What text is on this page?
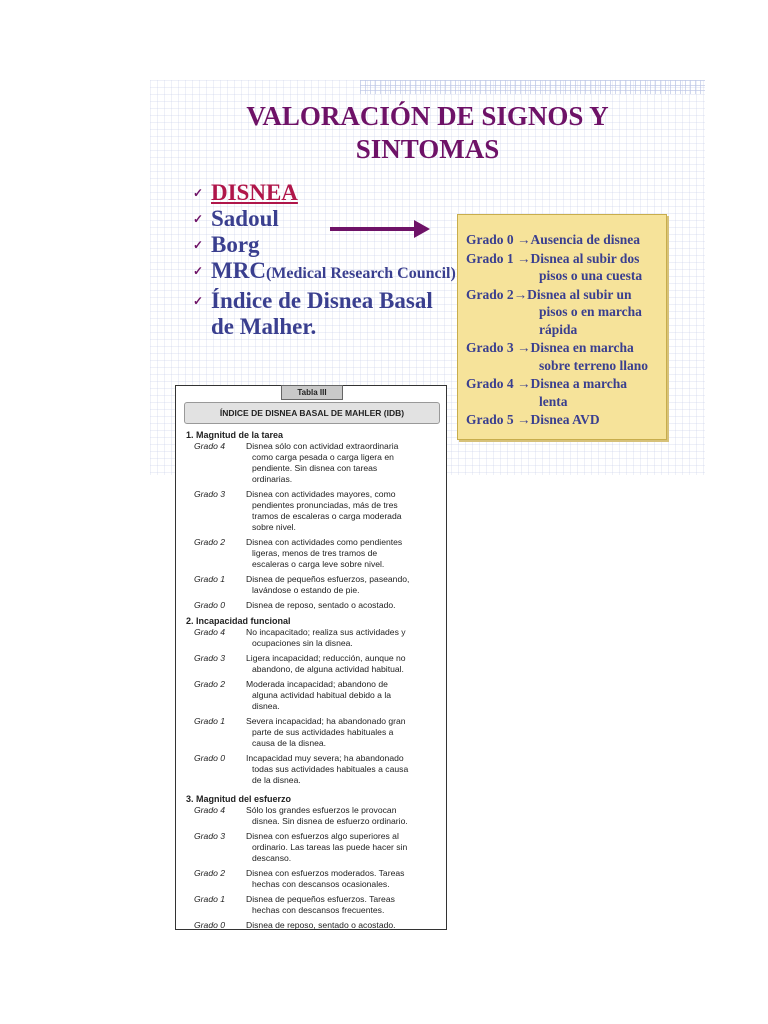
VALORACIÓN DE SIGNOS Y
SINTOMAS
✓ DISNEA
✓ Sadoul
✓ Borg
✓ MRC(Medical Research Council)
✓ Índice de Disnea Basal
de Malher.
Grado 0 →Ausencia de disnea
Grado 1 →Disnea al subir dos
pisos o una cuesta
Grado 2→Disnea al subir un
pisos o en marcha rápida
Grado 3 →Disnea en marcha
sobre terreno llano
Grado 4 →Disnea a marcha
lenta
Grado 5 →Disnea AVD
Tabla III
ÍNDICE DE DISNEA BASAL DE MAHLER (IDB)
1. Magnitud de la tarea
Grado 4	Disnea sólo con actividad extraordinaria
como carga pesada o carga ligera en
pendiente. Sin disnea con tareas
ordinarias.
Grado 3	Disnea con actividades mayores, como
pendientes pronunciadas, más de tres
tramos de escaleras o carga moderada
sobre nivel.
Grado 2	Disnea con actividades como pendientes
ligeras, menos de tres tramos de
escaleras o carga leve sobre nivel.
Grado 1	Disnea de pequeños esfuerzos, paseando,
lavándose o estando de pie.
Grado 0	Disnea de reposo, sentado o acostado.
2. Incapacidad funcional
Grado 4	No incapacitado; realiza sus actividades y
ocupaciones sin la disnea.
Grado 3	Ligera incapacidad; reducción, aunque no
abandono, de alguna actividad habitual.
Grado 2	Moderada incapacidad; abandono de
alguna actividad habitual debido a la
disnea.
Grado 1	Severa incapacidad; ha abandonado gran
parte de sus actividades habituales a
causa de la disnea.
Grado 0	Incapacidad muy severa; ha abandonado
todas sus actividades habituales a causa
de la disnea.
3. Magnitud del esfuerzo
Grado 4	Sólo los grandes esfuerzos le provocan
disnea. Sin disnea de esfuerzo ordinario.
Grado 3	Disnea con esfuerzos algo superiores al
ordinario. Las tareas las puede hacer sin
descanso.
Grado 2	Disnea con esfuerzos moderados. Tareas
hechas con descansos ocasionales.
Grado 1	Disnea de pequeños esfuerzos. Tareas
hechas con descansos frecuentes.
Grado 0	Disnea de reposo, sentado o acostado.
